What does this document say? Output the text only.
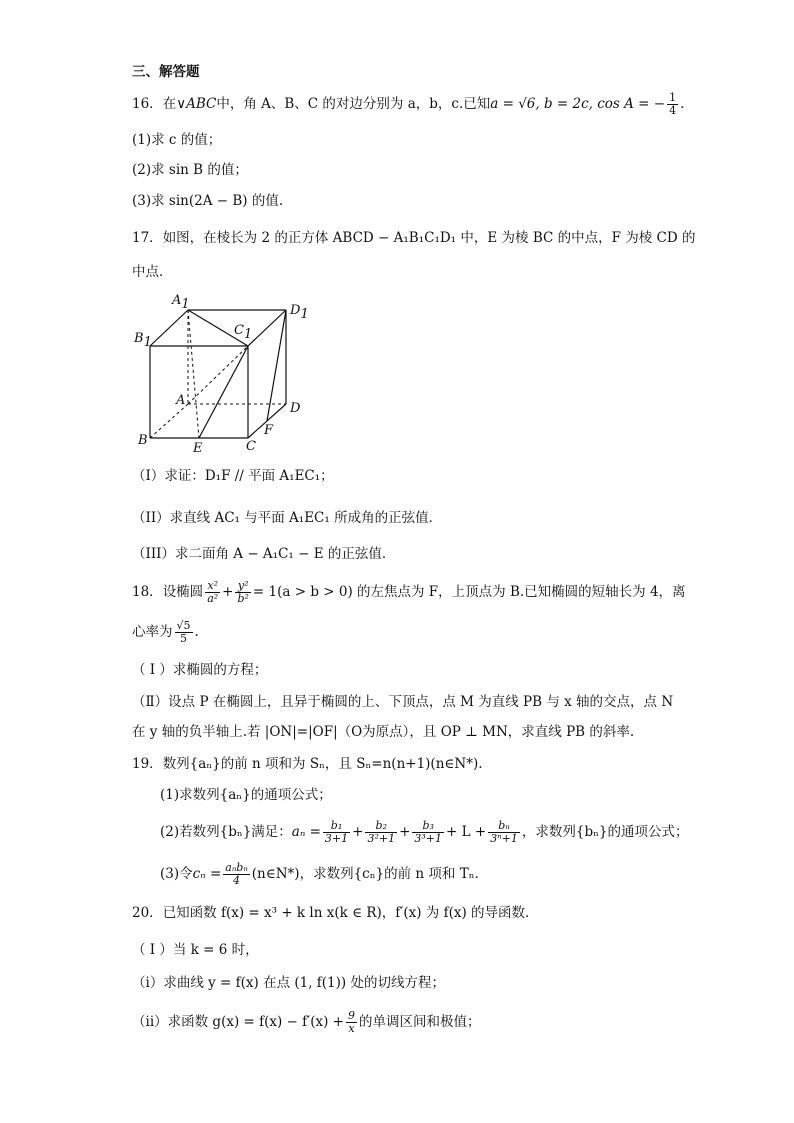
三、解答题
16．在∨ABC中，角 A、B、C 的对边分别为 a，b，c.已知a = √6, b = 2c, cos A = − $\frac{1}{4}$ .
(1)求 c 的值；
(2)求 sin B 的值；
(3)求 sin(2A − B) 的值.
17．如图，在棱长为 2 的正方体 ABCD − A₁B₁C₁D₁ 中，E 为棱 BC 的中点，F 为棱 CD 的
中点．
A1
B1
C1
D1
A
B	C
D
E
F
（I）求证：D₁F // 平面 A₁EC₁；
（II）求直线 AC₁ 与平面 A₁EC₁ 所成角的正弦值．
（III）求二面角 A − A₁C₁ − E 的正弦值．
18．设椭圆 $\frac{\text{x²}}{\text{a²}} + \frac{\text{y²}}{\text{b²}} = 1(a > b > 0)$ 的左焦点为 F，上顶点为 B.已知椭圆的短轴长为 4，离
心率为 $\frac{√5}{5}$ .
（ I ）求椭圆的方程；
（Ⅱ）设点 P 在椭圆上，且异于椭圆的上、下顶点，点 M 为直线 PB 与 x 轴的交点，点 N
在 y 轴的负半轴上.若 |ON|=|OF|（O为原点），且 OP ⊥ MN，求直线 PB 的斜率.
19．数列{aₙ}的前 n 项和为 Sₙ，且 Sₙ=n(n+1)(n∈N*).
(1)求数列{aₙ}的通项公式；
(2)若数列{bₙ}满足：$a_n = \frac{\text{b₁}}{3+1} + \frac{\text{b₂}}{\text{3²+1}} + \frac{\text{b₃}}{\text{3³+1}} + L + \frac{\text{bₙ}}{\text{3ⁿ+1}}$ ，求数列{bₙ}的通项公式；
(3)令$c_n = \frac{\text{aₙbₙ}}{4}$ (n∈N*)，求数列{cₙ}的前 n 项和 Tₙ.
20．已知函数 f(x) = x³ + k ln x(k ∈ R)，f′(x) 为 f(x) 的导函数．
（ I ）当 k = 6 时，
（i）求曲线 y = f(x) 在点 (1, f(1)) 处的切线方程；
（ii）求函数 $g(x) = f(x) - f'(x) + \frac{9}{x}$ 的单调区间和极值；
